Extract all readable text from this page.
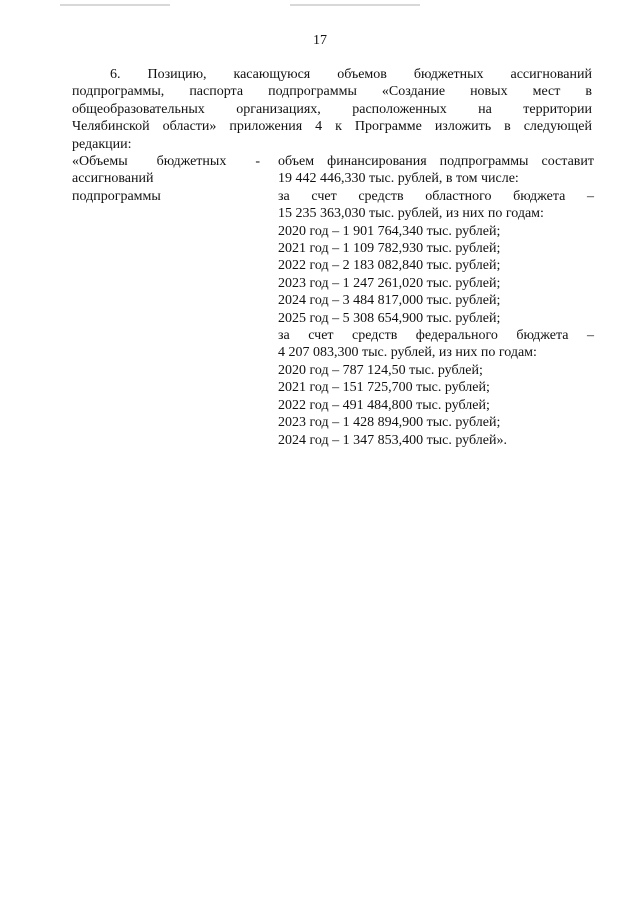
17
6. Позицию, касающуюся объемов бюджетных ассигнований
подпрограммы, паспорта подпрограммы «Создание новых мест в
общеобразовательных организациях, расположенных на территории
Челябинской области» приложения 4 к Программе изложить в следующей
редакции:
«Объемы бюджетных -
ассигнований
подпрограммы
объем финансирования подпрограммы составит
19 442 446,330 тыс. рублей, в том числе:
за счет средств областного бюджета –
15 235 363,030 тыс. рублей, из них по годам:
2020 год – 1 901 764,340 тыс. рублей;
2021 год – 1 109 782,930 тыс. рублей;
2022 год – 2 183 082,840 тыс. рублей;
2023 год – 1 247 261,020 тыс. рублей;
2024 год – 3 484 817,000 тыс. рублей;
2025 год – 5 308 654,900 тыс. рублей;
за счет средств федерального бюджета –
4 207 083,300 тыс. рублей, из них по годам:
2020 год – 787 124,50 тыс. рублей;
2021 год – 151 725,700 тыс. рублей;
2022 год – 491 484,800 тыс. рублей;
2023 год – 1 428 894,900 тыс. рублей;
2024 год – 1 347 853,400 тыс. рублей».
